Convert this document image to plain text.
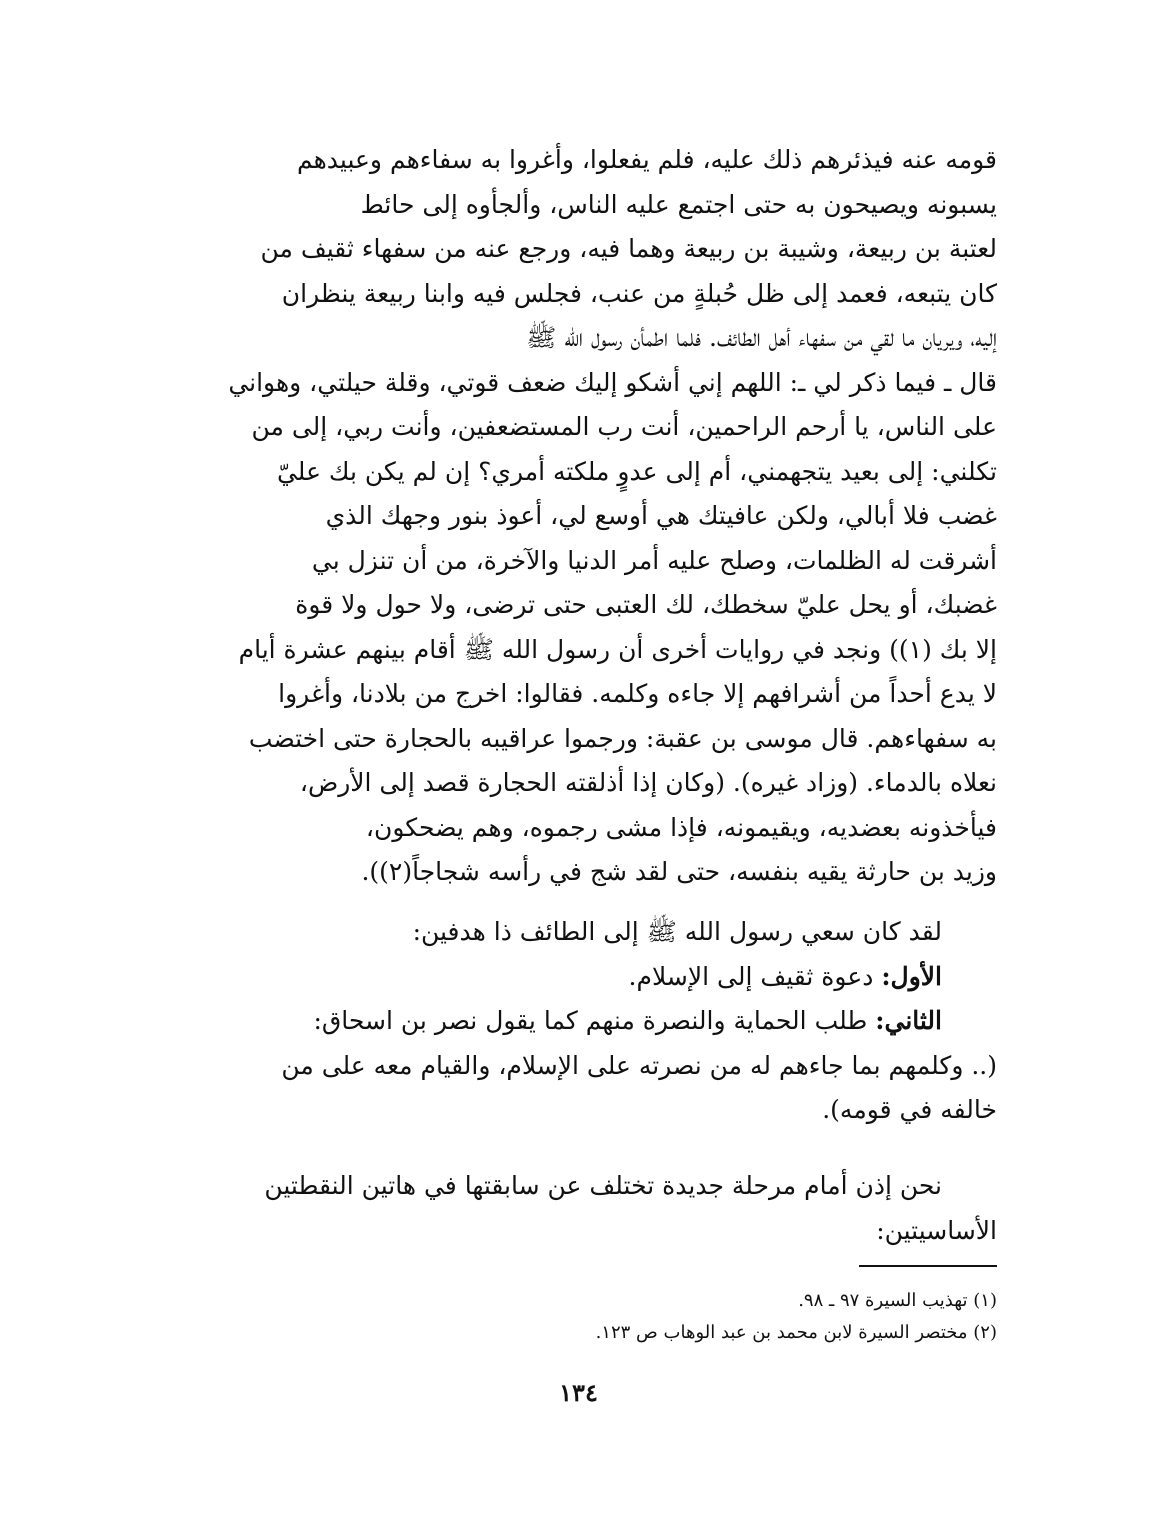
قومه عنه فيذئرهم ذلك عليه، فلم يفعلوا، وأغروا به سفاءهم وعبيدهم

يسبونه ويصيحون به حتى اجتمع عليه الناس، وألجأوه إلى حائط

لعتبة بن ربيعة، وشيبة بن ربيعة وهما فيه، ورجع عنه من سفهاء ثقيف من

كان يتبعه، فعمد إلى ظل حُبلةٍ من عنب، فجلس فيه وابنا ربيعة ينظران

إليه، ويريان ما لقي من سفهاء أهل الطائف. فلما اطمأن رسول الله ﷺ

قال ـ فيما ذكر لي ـ: اللهم إني أشكو إليك ضعف قوتي، وقلة حيلتي، وهواني

على الناس، يا أرحم الراحمين، أنت رب المستضعفين، وأنت ربي، إلى من

تكلني: إلى بعيد يتجهمني، أم إلى عدوٍ ملكته أمري؟ إن لم يكن بك عليّ

غضب فلا أبالي، ولكن عافيتك هي أوسع لي، أعوذ بنور وجهك الذي

أشرقت له الظلمات، وصلح عليه أمر الدنيا والآخرة، من أن تنزل بي

غضبك، أو يحل عليّ سخطك، لك العتبى حتى ترضى، ولا حول ولا قوة

إلا بك (١)) ونجد في روايات أخرى أن رسول الله ﷺ أقام بينهم عشرة أيام

لا يدع أحداً من أشرافهم إلا جاءه وكلمه. فقالوا: اخرج من بلادنا، وأغروا

به سفهاءهم. قال موسى بن عقبة: ورجموا عراقيبه بالحجارة حتى اختضب

نعلاه بالدماء. (وزاد غيره). (وكان إذا أذلقته الحجارة قصد إلى الأرض،

فيأخذونه بعضديه، ويقيمونه، فإذا مشى رجموه، وهم يضحكون،

وزيد بن حارثة يقيه بنفسه، حتى لقد شج في رأسه شجاجاً(٢)).

لقد كان سعي رسول الله ﷺ إلى الطائف ذا هدفين:

الأول: دعوة ثقيف إلى الإسلام.

الثاني: طلب الحماية والنصرة منهم كما يقول نصر بن اسحاق:

(.. وكلمهم بما جاءهم له من نصرته على الإسلام، والقيام معه على من

خالفه في قومه).

نحن إذن أمام مرحلة جديدة تختلف عن سابقتها في هاتين النقطتين

الأساسيتين:

(١) تهذيب السيرة ٩٧ ـ ٩٨.

(٢) مختصر السيرة لابن محمد بن عبد الوهاب ص ١٢٣.

١٣٤
